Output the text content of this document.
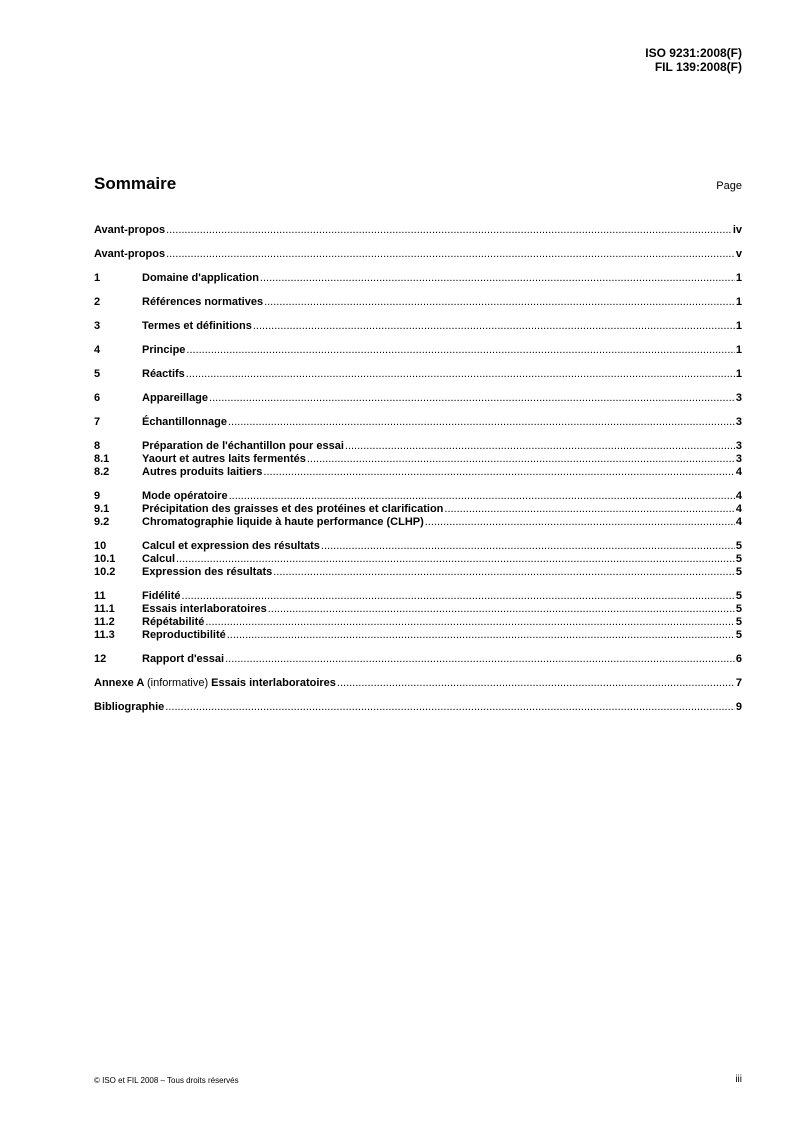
ISO 9231:2008(F)
FIL 139:2008(F)
Sommaire	Page
Avant-propos .....	iv
Avant-propos .....	v
1	Domaine d'application .....	1
2	Références normatives .....	1
3	Termes et définitions .....	1
4	Principe .....	1
5	Réactifs .....	1
6	Appareillage .....	3
7	Échantillonnage .....	3
8	Préparation de l'échantillon pour essai .....	3
8.1	Yaourt et autres laits fermentés .....	3
8.2	Autres produits laitiers .....	4
9	Mode opératoire .....	4
9.1	Précipitation des graisses et des protéines et clarification .....	4
9.2	Chromatographie liquide à haute performance (CLHP) .....	4
10	Calcul et expression des résultats .....	5
10.1	Calcul .....	5
10.2	Expression des résultats .....	5
11	Fidélité .....	5
11.1	Essais interlaboratoires .....	5
11.2	Répétabilité .....	5
11.3	Reproductibilité .....	5
12	Rapport d'essai .....	6
Annexe A (informative) Essais interlaboratoires .....	7
Bibliographie .....	9
© ISO et FIL 2008 – Tous droits réservés	iii
